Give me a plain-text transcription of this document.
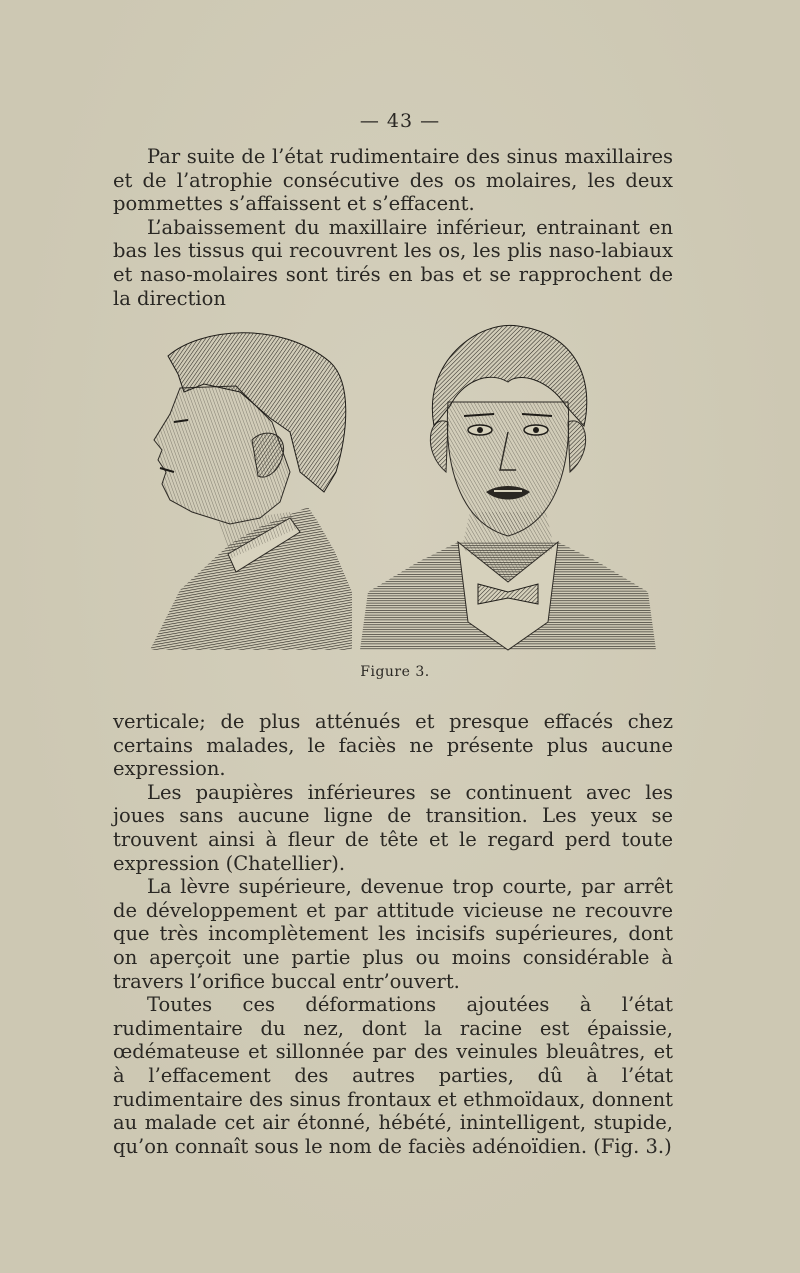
— 43 —

Par suite de l’état rudimentaire des sinus maxillaires et de l’atrophie consécutive des os molaires, les deux pommettes s’affaissent et s’effacent.

L’abaissement du maxillaire inférieur, entrainant en bas les tissus qui recouvrent les os, les plis naso-labiaux et naso-molaires sont tirés en bas et se rapprochent de la direction

Figure 3.

verticale; de plus atténués et presque effacés chez certains malades, le faciès ne présente plus aucune expression.

Les paupières inférieures se continuent avec les joues sans aucune ligne de transition. Les yeux se trouvent ainsi à fleur de tête et le regard perd toute expression (Chatellier).

La lèvre supérieure, devenue trop courte, par arrêt de développement et par attitude vicieuse ne recouvre que très incomplètement les incisifs supérieures, dont on aperçoit une partie plus ou moins considérable à travers l’orifice buccal entr’ouvert.

Toutes ces déformations ajoutées à l’état rudimentaire du nez, dont la racine est épaissie, œdémateuse et sillonnée par des veinules bleuâtres, et à l’effacement des autres parties, dû à l’état rudimentaire des sinus frontaux et ethmoïdaux, donnent au malade cet air étonné, hébété, inintelligent, stupide, qu’on connaît sous le nom de faciès adénoïdien. (Fig. 3.)
